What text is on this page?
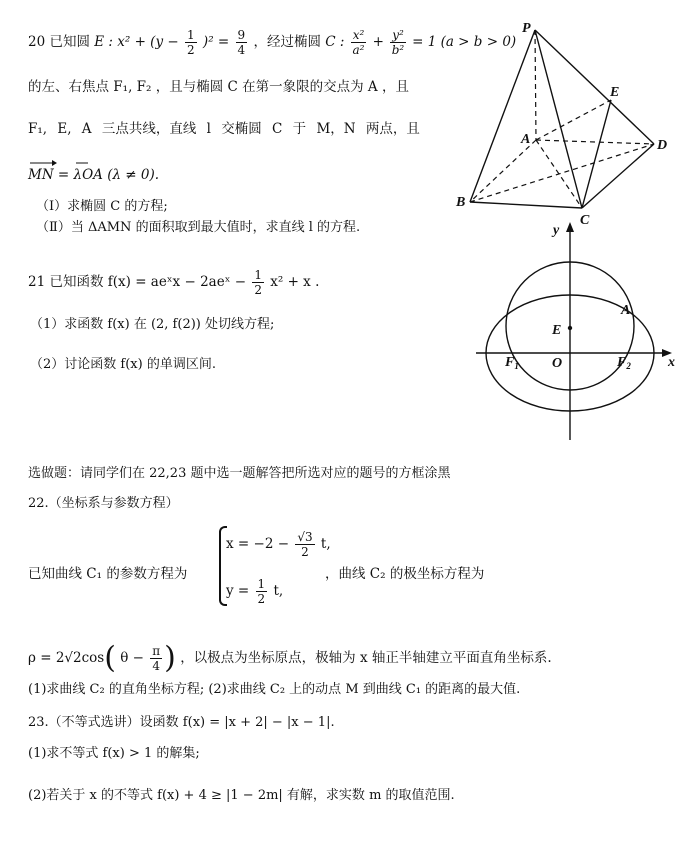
20 已知圆 E : $x^2 + (y - \frac{1}{2} )^2 = \frac{9}{4}$ ，经过椭圆 C : $\frac{\text{x²}}{\text{a²}} + \frac{\text{y²}}{\text{b²}} = 1$ (a > b > 0)
的左、右焦点 F₁, F₂ ，且与椭圆 C 在第一象限的交点为 A ，且
F₁, E, A 三点共线，直线 l 交椭圆 C 于 M，N 两点，且
MN = λOA (λ ≠ 0).
（Ⅰ）求椭圆 C 的方程;
（Ⅱ）当 ΔAMN 的面积取到最大值时，求直线 l 的方程.
21 已知函数 f(x) = aeˣx − 2aeˣ − $\frac{1}{2} x^2 + x$ .
（1）求函数 f(x) 在 (2, f(2)) 处切线方程;
（2）讨论函数 f(x) 的单调区间.
选做题：请同学们在 22,23 题中选一题解答把所选对应的题号的方框涂黑
22.（坐标系与参数方程）
已知曲线 C₁ 的参数方程为
$x = -2 - \frac{√3}{2} t$,
$y = \frac{1}{2} t$,
，曲线 C₂ 的极坐标方程为
ρ = 2√2cos( $\theta - \frac{\pi}{4}$ ) ，以极点为坐标原点，极轴为 x 轴正半轴建立平面直角坐标系.
(1)求曲线 C₂ 的直角坐标方程; (2)求曲线 C₂ 上的动点 M 到曲线 C₁ 的距离的最大值.
23.（不等式选讲）设函数 f(x) = |x + 2| − |x − 1|.
(1)求不等式 f(x) > 1 的解集;
(2)若关于 x 的不等式 f(x) + 4 ≥ |1 − 2m| 有解，求实数 m 的取值范围.
P
E
A	D
B
C
y
x
A
E
O
$F_1$	$F_2$
